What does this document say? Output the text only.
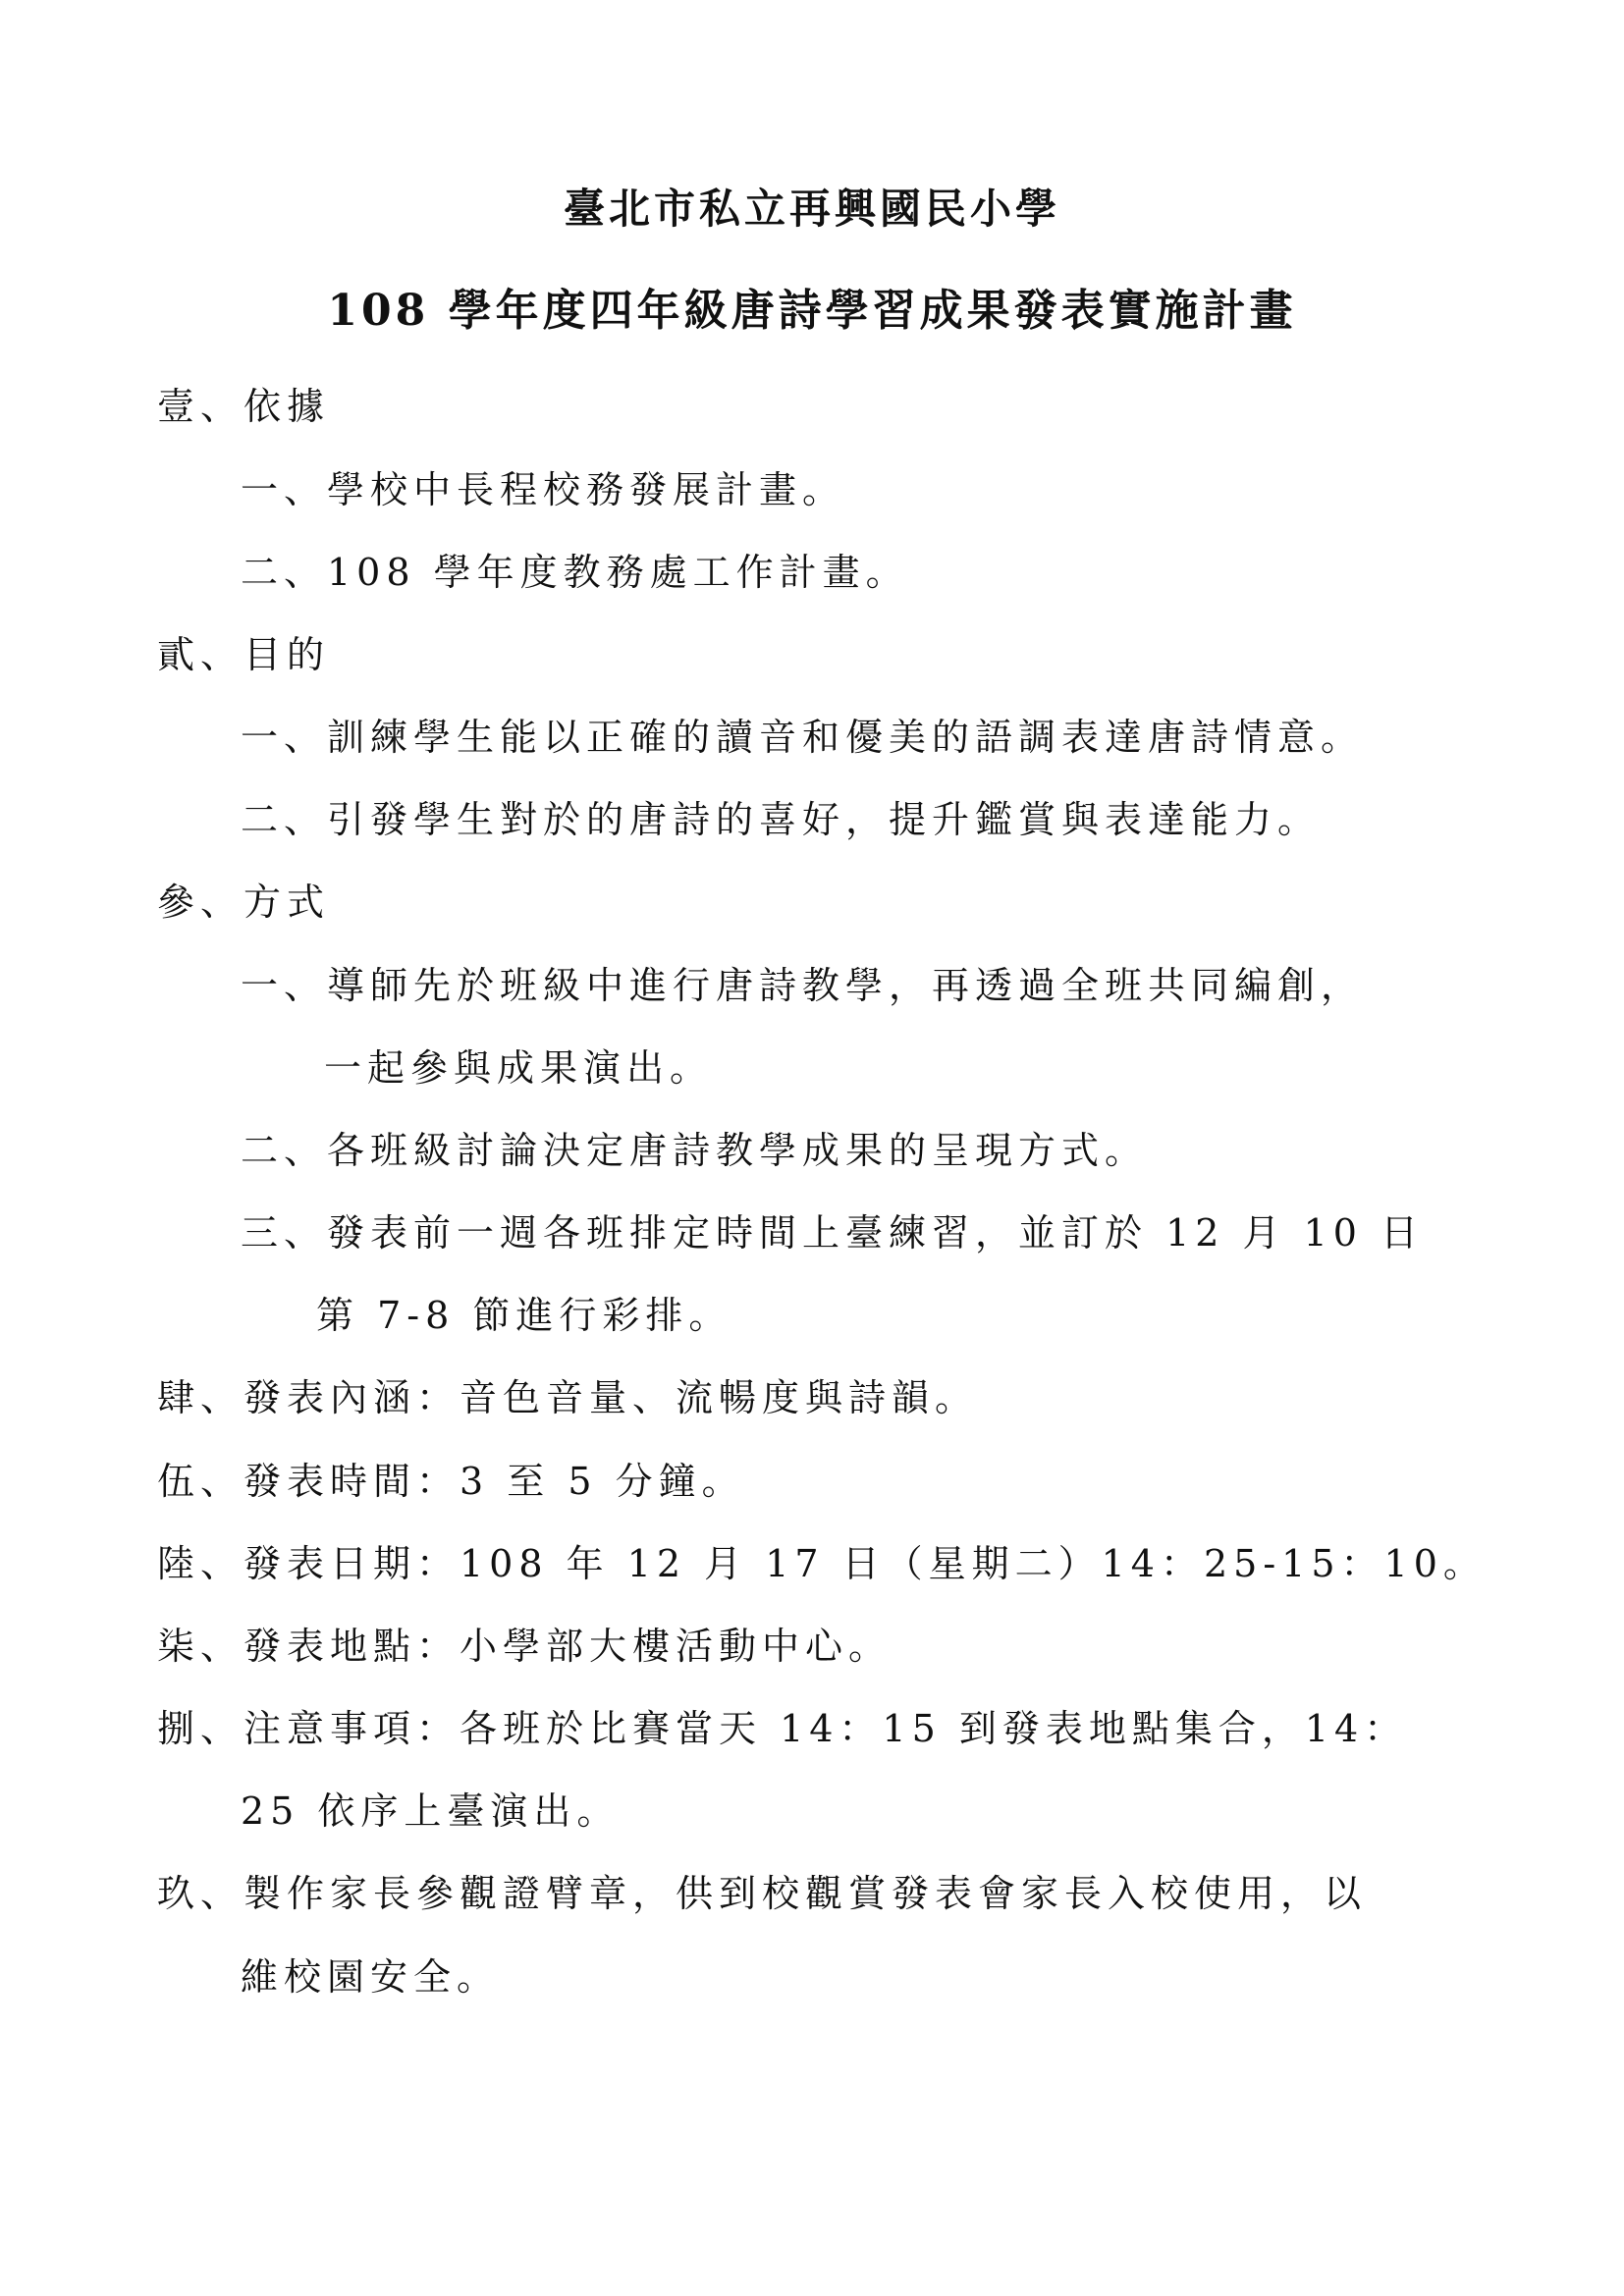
臺北市私立再興國民小學
108 學年度四年級唐詩學習成果發表實施計畫
壹、依據
一、學校中長程校務發展計畫。
二、108 學年度教務處工作計畫。
貳、目的
一、訓練學生能以正確的讀音和優美的語調表達唐詩情意。
二、引發學生對於的唐詩的喜好，提升鑑賞與表達能力。
參、方式
一、導師先於班級中進行唐詩教學，再透過全班共同編創，
一起參與成果演出。
二、各班級討論決定唐詩教學成果的呈現方式。
三、發表前一週各班排定時間上臺練習，並訂於 12 月 10 日
第 7-8 節進行彩排。
肆、發表內涵：音色音量、流暢度與詩韻。
伍、發表時間：3 至 5 分鐘。
陸、發表日期：108 年 12 月 17 日（星期二）14：25-15：10。
柒、發表地點：小學部大樓活動中心。
捌、注意事項：各班於比賽當天 14：15 到發表地點集合，14：
25 依序上臺演出。
玖、製作家長參觀證臂章，供到校觀賞發表會家長入校使用，以
維校園安全。
